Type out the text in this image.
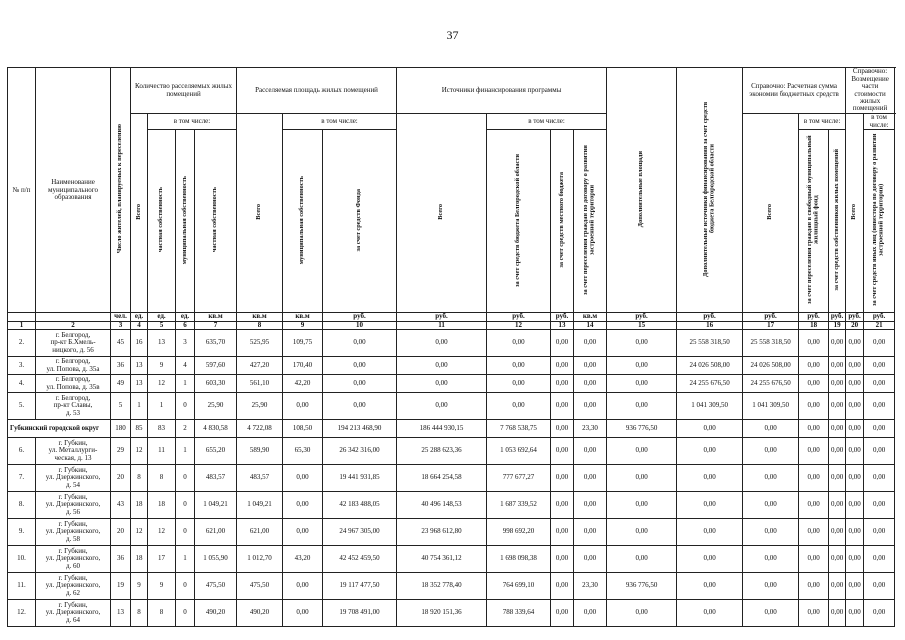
37
№ п/п	Наименование муниципального образования	Число жителей, планируемых к переселению	Количество расселяемых жилых помещений				Расселяемая площадь жилых помещений			Источники финансирования программы				Дополнительные площади	Дополнительные источники финансирования за счет средств бюджета Белгородской области	Справочно: Расчетная сумма экономии бюджетных средств			Справочно: Возмещение части стоимости жилых помещений	
			Всего	в том числе:			Всего	в том числе:		Всего	в том числе:					Всего	в том числе:		Всего	в том числе:
				частная собственность	муниципальная собственность	частная собственность		муниципальная собственность	за счет средств Фонда		за счет средств бюджета Белгородской области	за счет средств местного бюджета	за счет переселения граждан по договору о развитии застроенной территории				за счет переселения граждан в свободный муниципальный жилищный фонд	за счет средств собственников жилых помещений		за счет средств иных лиц (инвестора по договору о развитии застроенной территории)
		чел.	ед.	ед.	ед.	кв.м	кв.м	кв.м	руб.	руб.	руб.	руб.	кв.м	руб.	руб.	руб.	руб.	руб.	руб.	руб.
1	2	3	4	5	6	7	8	9	10	11	12	13	14	15	16	17	18	19	20	21
2.	г. Белгород,
пр-кт Б.Хмель-
ницкого, д. 56	45	16	13	3	635,70	525,95	109,75	0,00	0,00	0,00	0,00	0,00	0,00	25 558 318,50	25 558 318,50	0,00	0,00	0,00	0,00
3.	г. Белгород,
ул. Попова, д. 35а	36	13	9	4	597,60	427,20	170,40	0,00	0,00	0,00	0,00	0,00	0,00	24 026 508,00	24 026 508,00	0,00	0,00	0,00	0,00
4.	г. Белгород,
ул. Попова, д. 35в	49	13	12	1	603,30	561,10	42,20	0,00	0,00	0,00	0,00	0,00	0,00	24 255 676,50	24 255 676,50	0,00	0,00	0,00	0,00
5.	г. Белгород,
пр-кт Славы,
д. 53	5	1	1	0	25,90	25,90	0,00	0,00	0,00	0,00	0,00	0,00	0,00	1 041 309,50	1 041 309,50	0,00	0,00	0,00	0,00
Губкинский городской округ		180	85	83	2	4 830,58	4 722,08	108,50	194 213 468,90	186 444 930,15	7 768 538,75	0,00	23,30	936 776,50	0,00	0,00	0,00	0,00	0,00	0,00
6.	г. Губкин,
ул. Металлурги-
ческая, д. 13	29	12	11	1	655,20	589,90	65,30	26 342 316,00	25 288 623,36	1 053 692,64	0,00	0,00	0,00	0,00	0,00	0,00	0,00	0,00	0,00
7.	г. Губкин,
ул. Дзержинского,
д. 54	20	8	8	0	483,57	483,57	0,00	19 441 931,85	18 664 254,58	777 677,27	0,00	0,00	0,00	0,00	0,00	0,00	0,00	0,00	0,00
8.	г. Губкин,
ул. Дзержинского,
д. 56	43	18	18	0	1 049,21	1 049,21	0,00	42 183 488,05	40 496 148,53	1 687 339,52	0,00	0,00	0,00	0,00	0,00	0,00	0,00	0,00	0,00
9.	г. Губкин,
ул. Дзержинского,
д. 58	20	12	12	0	621,00	621,00	0,00	24 967 305,00	23 968 612,80	998 692,20	0,00	0,00	0,00	0,00	0,00	0,00	0,00	0,00	0,00
10.	г. Губкин,
ул. Дзержинского,
д. 60	36	18	17	1	1 055,90	1 012,70	43,20	42 452 459,50	40 754 361,12	1 698 098,38	0,00	0,00	0,00	0,00	0,00	0,00	0,00	0,00	0,00
11.	г. Губкин,
ул. Дзержинского,
д. 62	19	9	9	0	475,50	475,50	0,00	19 117 477,50	18 352 778,40	764 699,10	0,00	23,30	936 776,50	0,00	0,00	0,00	0,00	0,00	0,00
12.	г. Губкин,
ул. Дзержинского,
д. 64	13	8	8	0	490,20	490,20	0,00	19 708 491,00	18 920 151,36	788 339,64	0,00	0,00	0,00	0,00	0,00	0,00	0,00	0,00	0,00
